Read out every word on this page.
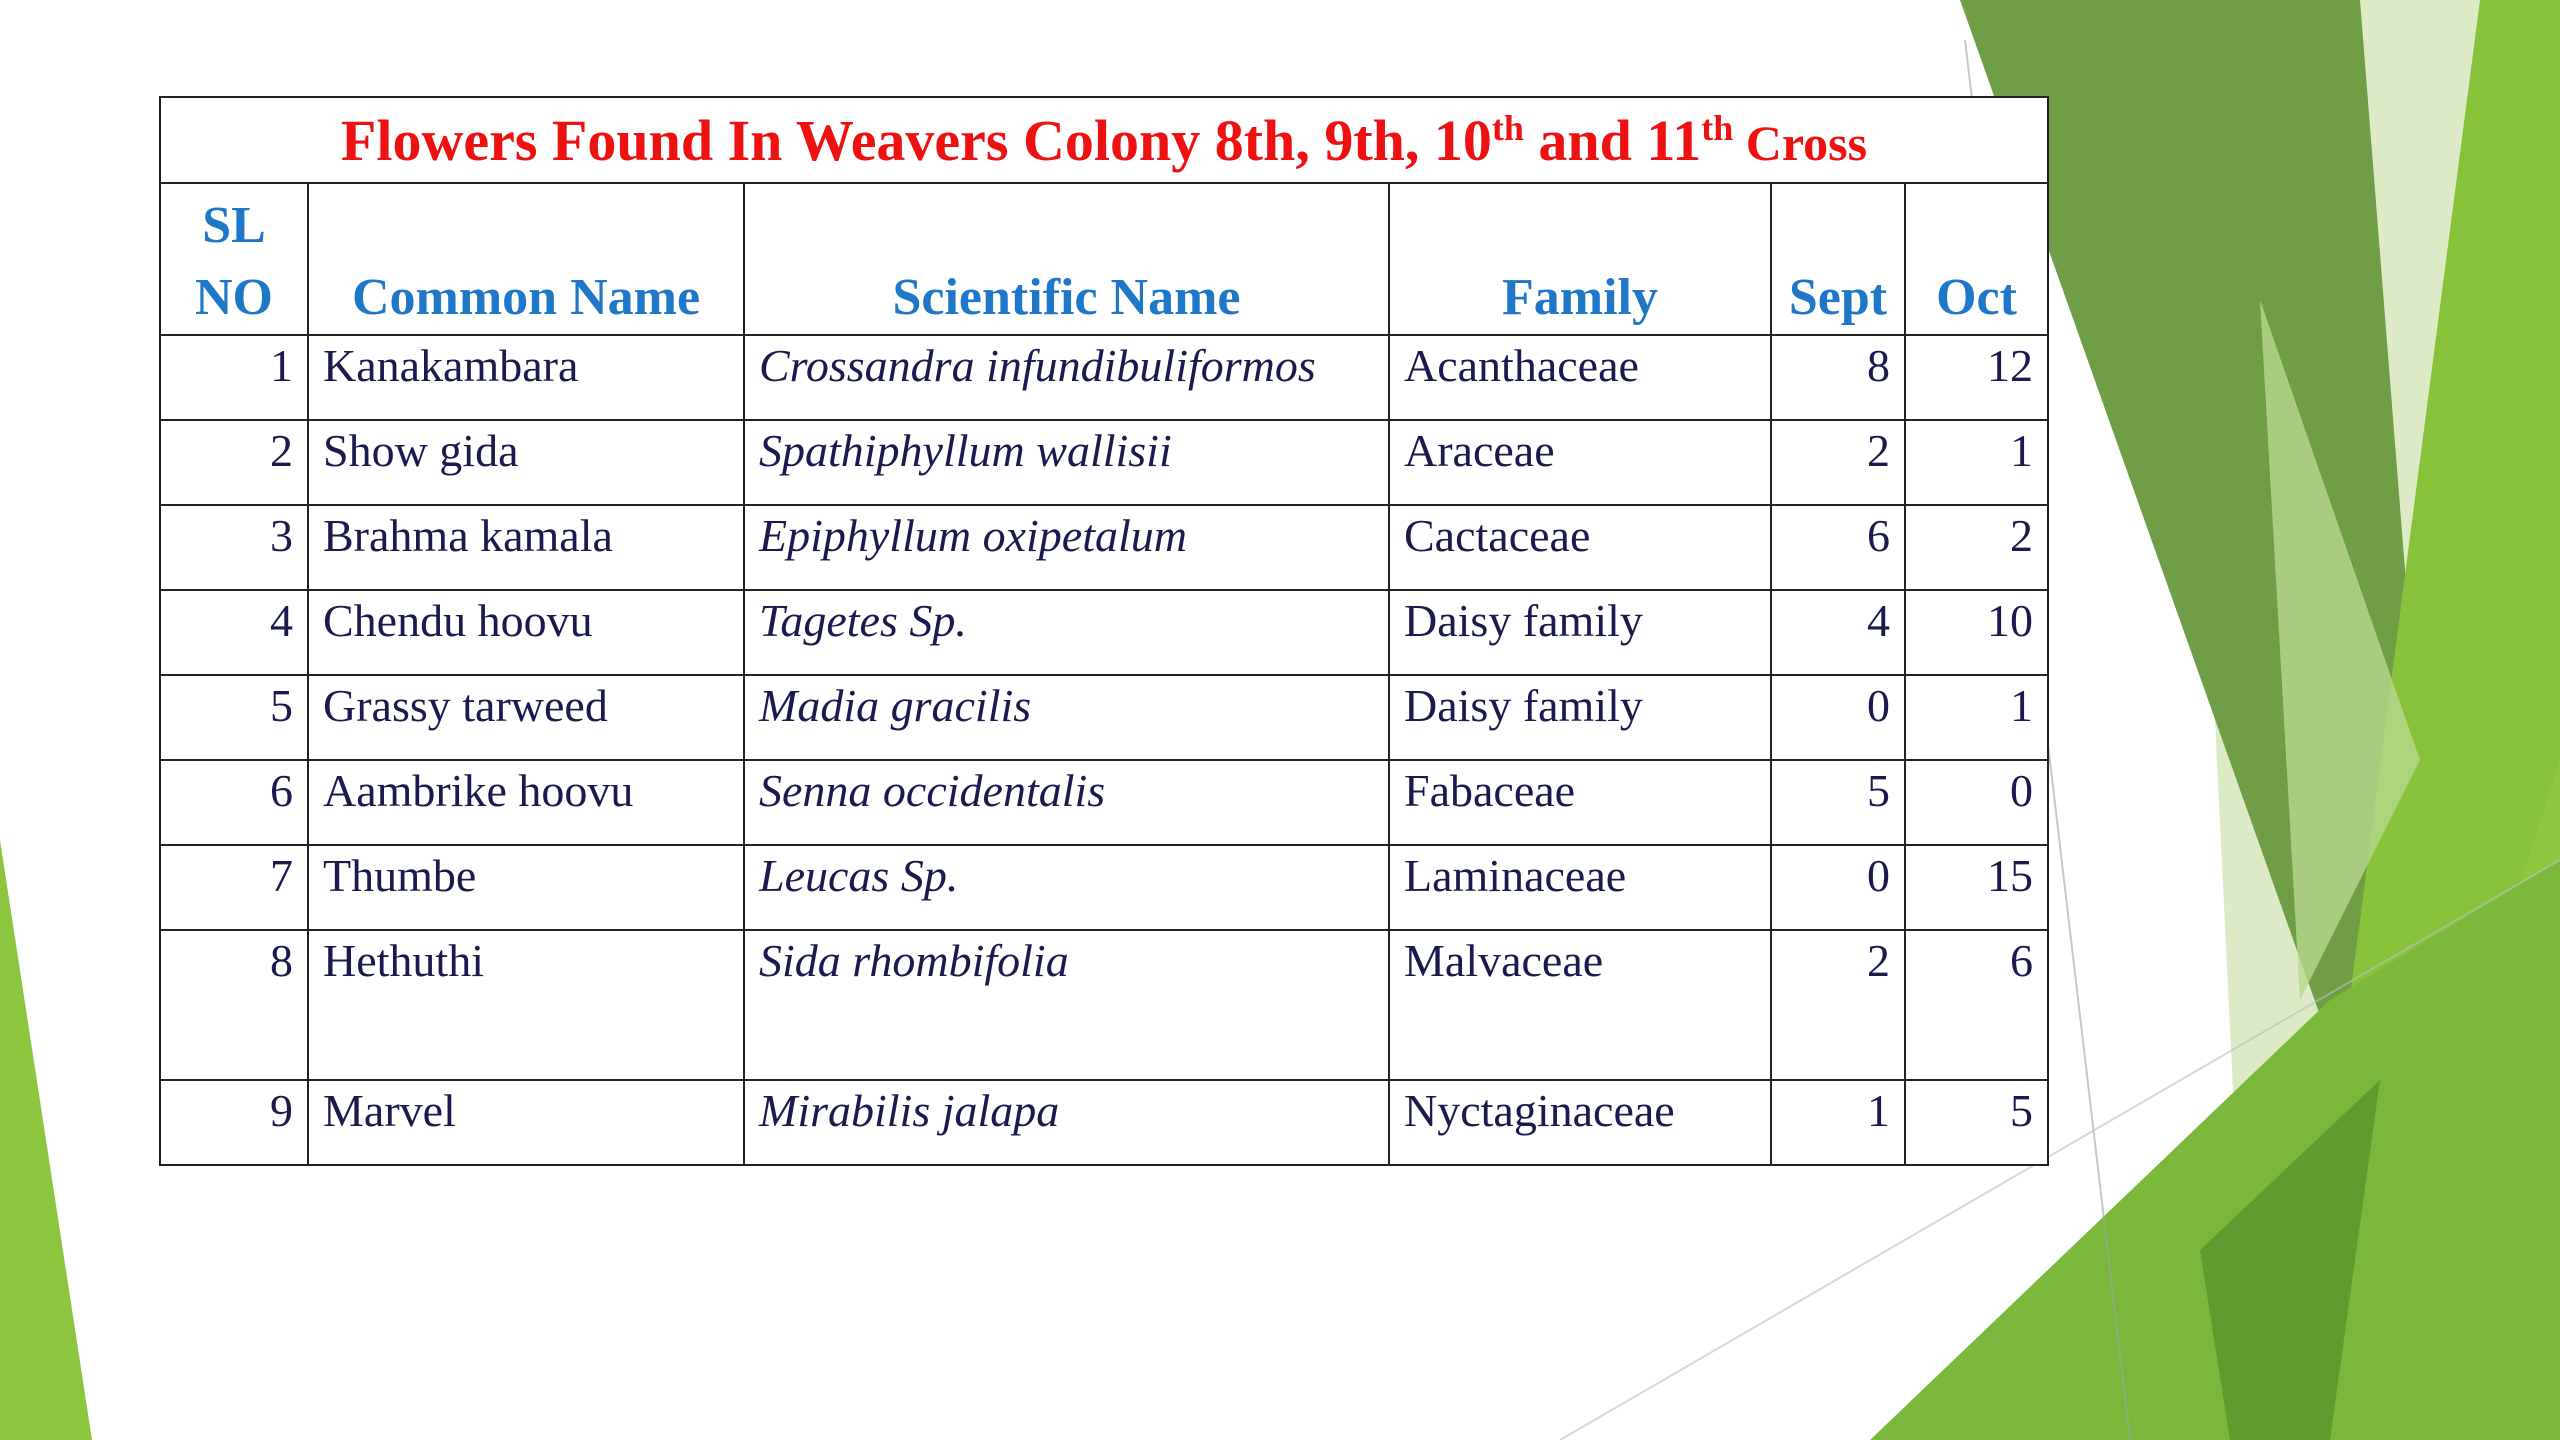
Flowers Found In Weavers Colony 8th, 9th, 10th and 11th Cross					

SL
NO	Common Name	Scientific Name	Family	Sept	Oct
1	Kanakambara	Crossandra infundibuliformos	Acanthaceae	8	12
2	Show gida	Spathiphyllum wallisii	Araceae	2	1
3	Brahma kamala	Epiphyllum oxipetalum	Cactaceae	6	2
4	Chendu hoovu	Tagetes Sp.	Daisy family	4	10
5	Grassy tarweed	Madia gracilis	Daisy family	0	1
6	Aambrike hoovu	Senna occidentalis	Fabaceae	5	0
7	Thumbe	Leucas Sp.	Laminaceae	0	15
8	Hethuthi	Sida rhombifolia	Malvaceae	2	6
9	Marvel	Mirabilis jalapa	Nyctaginaceae	1	5
